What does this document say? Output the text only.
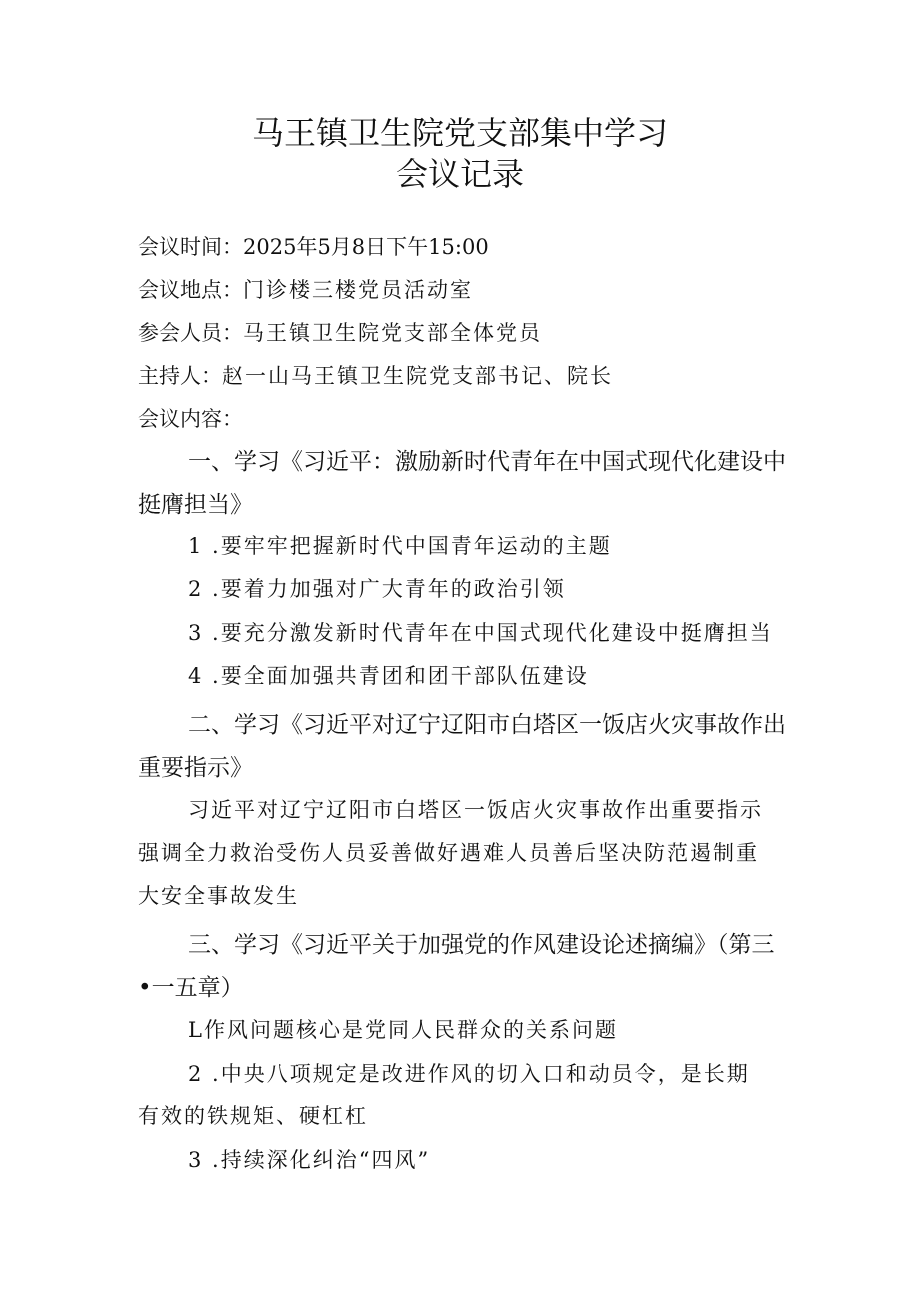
马王镇卫生院党支部集中学习
会议记录
会议时间：2025年5月8日下午15:00
会议地点：门诊楼三楼党员活动室
参会人员：马王镇卫生院党支部全体党员
主持人：赵一山马王镇卫生院党支部书记、院长
会议内容：
一、学习《习近平：激励新时代青年在中国式现代化建设中
挺膺担当》
1 .要牢牢把握新时代中国青年运动的主题
2 .要着力加强对广大青年的政治引领
3 .要充分激发新时代青年在中国式现代化建设中挺膺担当
4 .要全面加强共青团和团干部队伍建设
二、学习《习近平对辽宁辽阳市白塔区一饭店火灾事故作出
重要指示》
习近平对辽宁辽阳市白塔区一饭店火灾事故作出重要指示
强调全力救治受伤人员妥善做好遇难人员善后坚决防范遏制重
大安全事故发生
三、学习《习近平关于加强党的作风建设论述摘编》（第三
•一五章）
L作风问题核心是党同人民群众的关系问题
2 .中央八项规定是改进作风的切入口和动员令，是长期
有效的铁规矩、硬杠杠
3 .持续深化纠治“四风”
